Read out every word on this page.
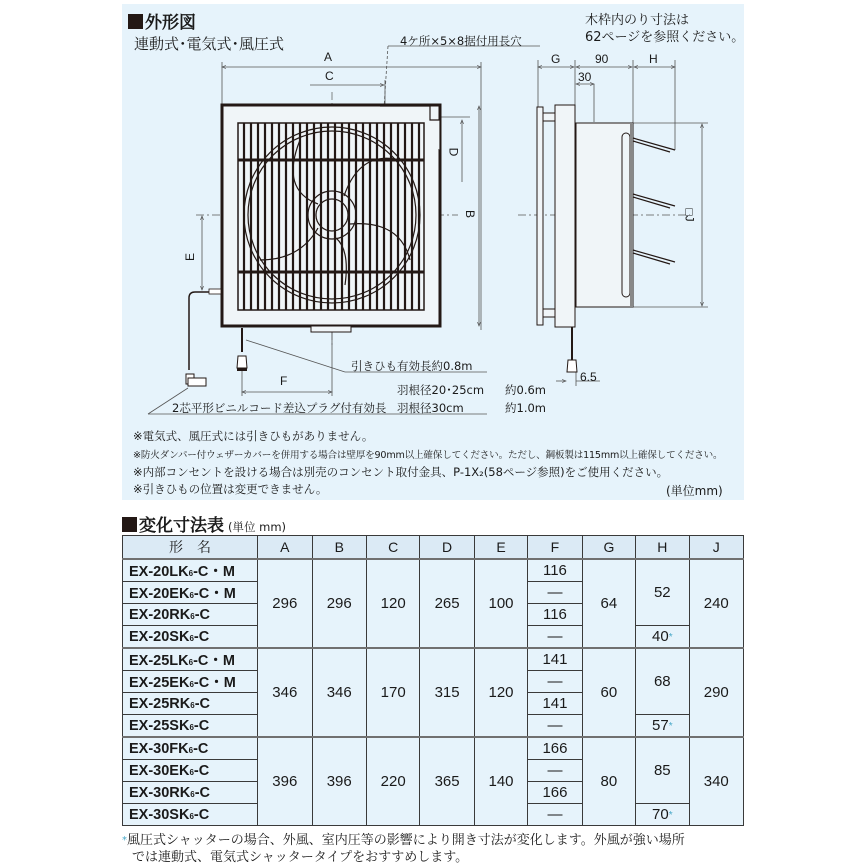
外形図
連動式･電気式･風圧式
木枠内のり寸法は
62ページを参照ください。
A
C
B
D
E
F
G	90	H
30
□J
6.5
4ケ所×5×8据付用長穴
引きひも有効長約0.8m
羽根径20･25cm 約0.6m
2芯平形ビニルコード差込プラグ付有効長 羽根径30cm	約1.0m
※電気式、風圧式には引きひもがありません。
※防火ダンパー付ウェザーカバーを併用する場合は壁厚を90mm以上確保してください。ただし、鋼板製は115mm以上確保してください。
※内部コンセントを設ける場合は別売のコンセント取付金具、P-1X₂(58ページ参照)をご使用ください。
※引きひもの位置は変更できません。	(単位mm)
変化寸法表 (単位 mm)
形　名	A	B	C	D	E	F	G	H	J
EX-20LK6-C・M	296	296	120	265	100	116	64	52	240
EX-20EK6-C・M						—			
EX-20RK6-C						116			
EX-20SK6-C						—		40*	
EX-25LK6-C・M	346	346	170	315	120	141	60	68	290
EX-25EK6-C・M						—			
EX-25RK6-C						141			
EX-25SK6-C						—		57*	
EX-30FK6-C	396	396	220	365	140	166	80	85	340
EX-30EK6-C						—			
EX-30RK6-C						166			
EX-30SK6-C						—		70*	
*風圧式シャッターの場合、外風、室内圧等の影響により開き寸法が変化します。外風が強い場所
では連動式、電気式シャッタータイプをおすすめします。
